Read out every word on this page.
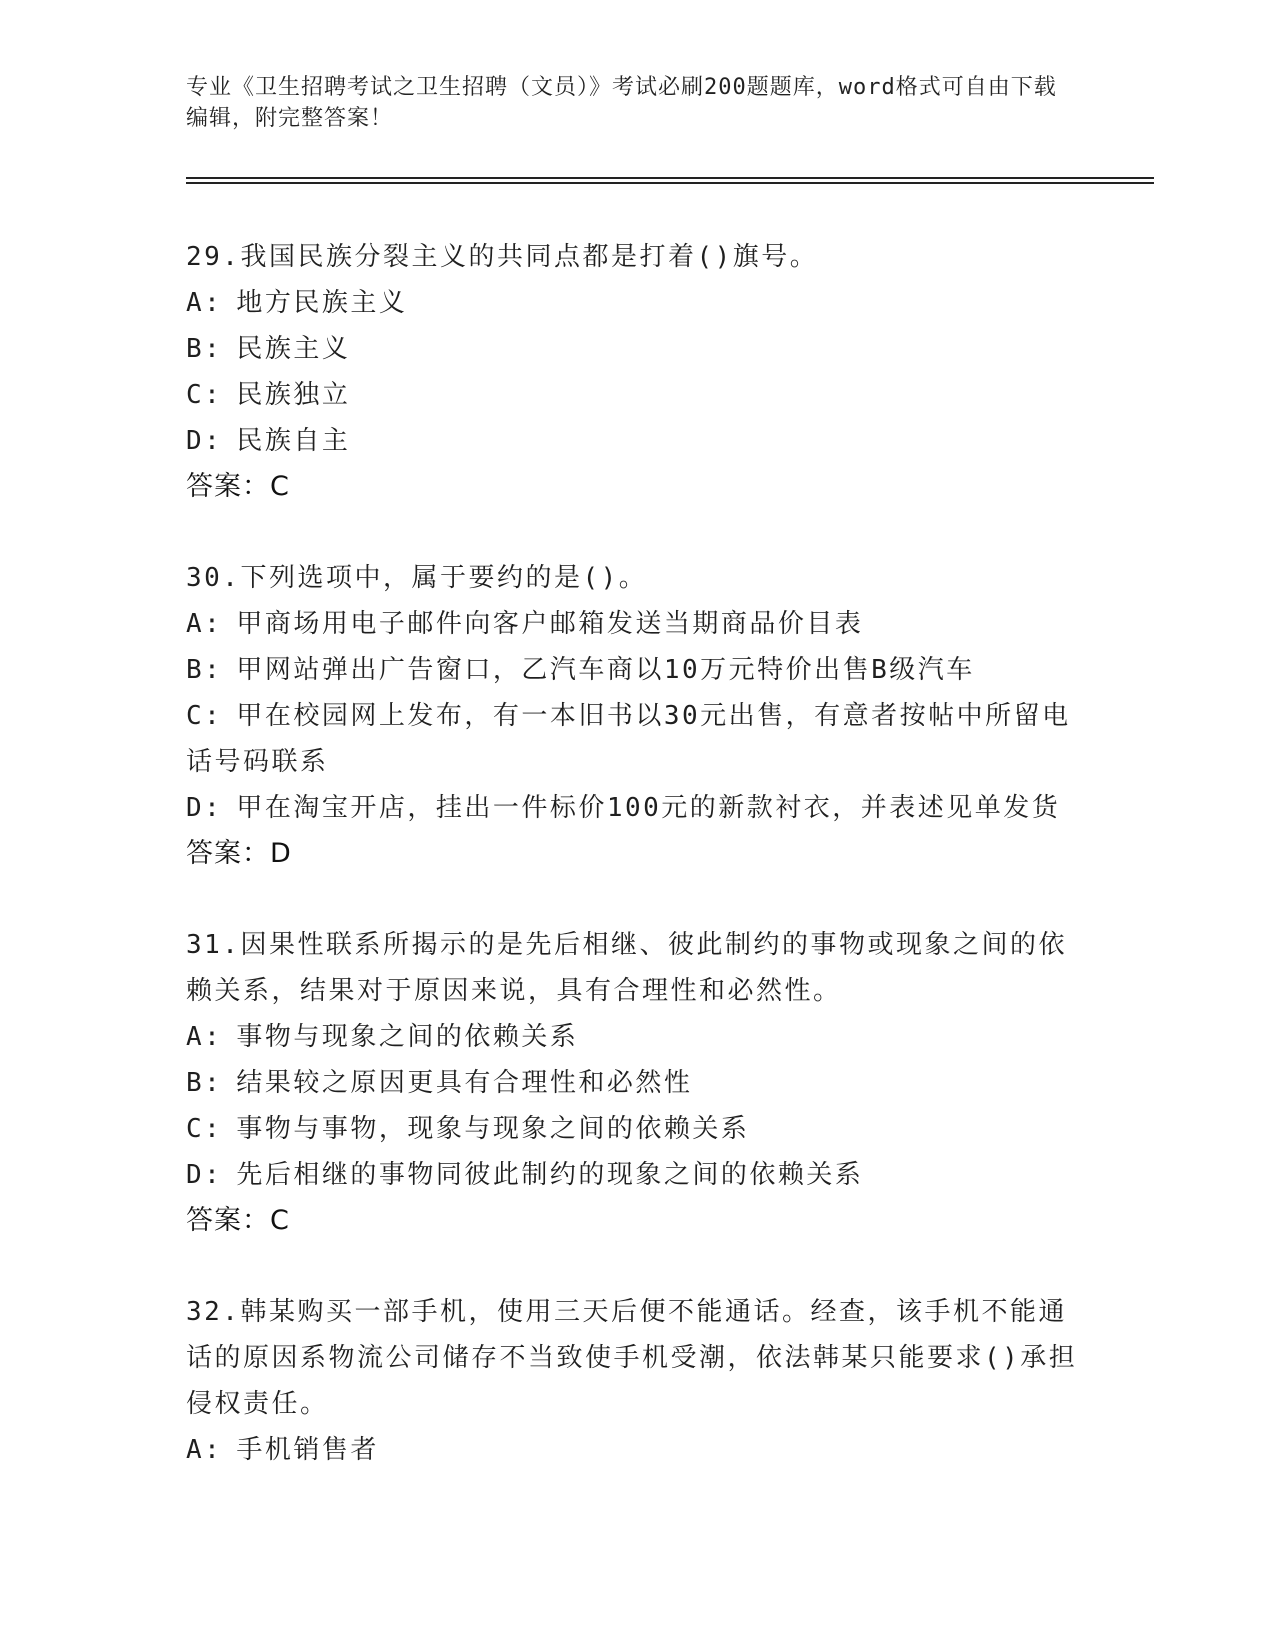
专业《卫生招聘考试之卫生招聘（文员）》考试必刷200题题库，word格式可自由下载编辑，附完整答案！
29.我国民族分裂主义的共同点都是打着()旗号。
A: 地方民族主义
B: 民族主义
C: 民族独立
D: 民族自主
答案：C
30.下列选项中，属于要约的是()。
A: 甲商场用电子邮件向客户邮箱发送当期商品价目表
B: 甲网站弹出广告窗口，乙汽车商以10万元特价出售B级汽车
C: 甲在校园网上发布，有一本旧书以30元出售，有意者按帖中所留电话号码联系
D: 甲在淘宝开店，挂出一件标价100元的新款衬衣，并表述见单发货
答案：D
31.因果性联系所揭示的是先后相继、彼此制约的事物或现象之间的依赖关系，结果对于原因来说，具有合理性和必然性。
A: 事物与现象之间的依赖关系
B: 结果较之原因更具有合理性和必然性
C: 事物与事物，现象与现象之间的依赖关系
D: 先后相继的事物同彼此制约的现象之间的依赖关系
答案：C
32.韩某购买一部手机，使用三天后便不能通话。经查，该手机不能通话的原因系物流公司储存不当致使手机受潮，依法韩某只能要求()承担侵权责任。
A: 手机销售者
